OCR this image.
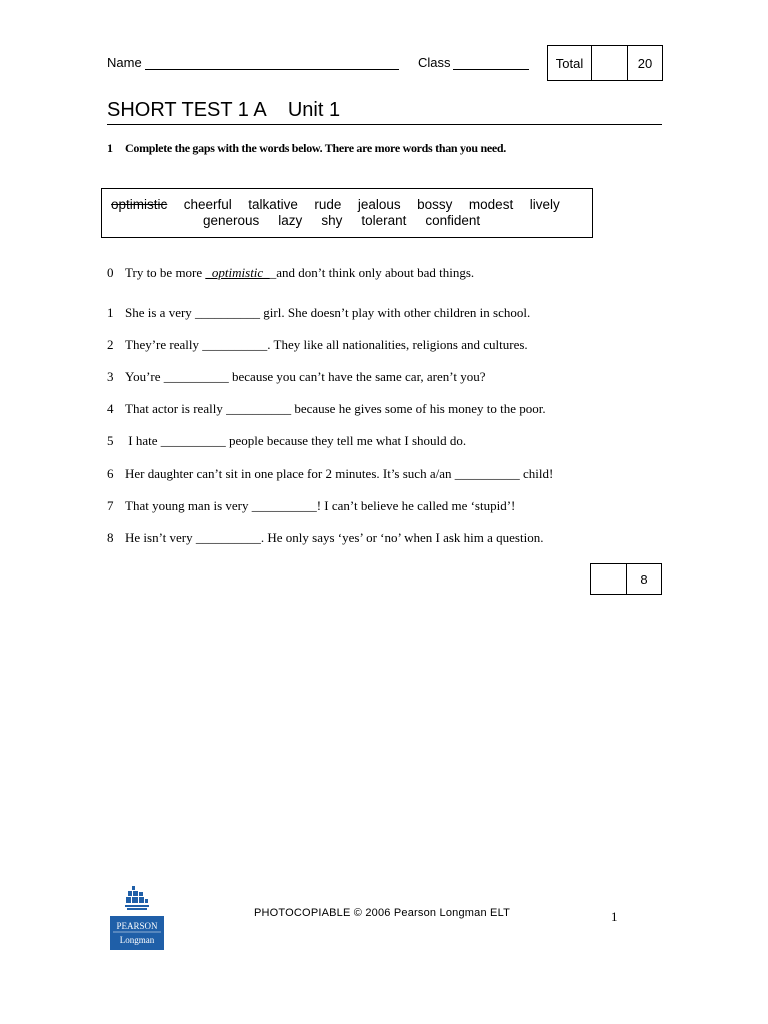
Name	Class	Total	20
SHORT TEST 1 A    Unit 1
1 Complete the gaps with the words below. There are more words than you need.
optimistic cheerful talkative rude jealous bossy modest lively
generous lazy shy tolerant confident
0 Try to be more _optimistic__and don’t think only about bad things.
1 She is a very __________ girl. She doesn’t play with other children in school.
2 They’re really __________. They like all nationalities, religions and cultures.
3 You’re __________ because you can’t have the same car, aren’t you?
4 That actor is really __________ because he gives some of his money to the poor.
5 I hate __________ people because they tell me what I should do.
6 Her daughter can’t sit in one place for 2 minutes. It’s such a/an __________ child!
7 That young man is very __________! I can’t believe he called me ‘stupid’!
8 He isn’t very __________. He only says ‘yes’ or ‘no’ when I ask him a question.
8
PEARSON
Longman
PHOTOCOPIABLE © 2006 Pearson Longman ELT	1
